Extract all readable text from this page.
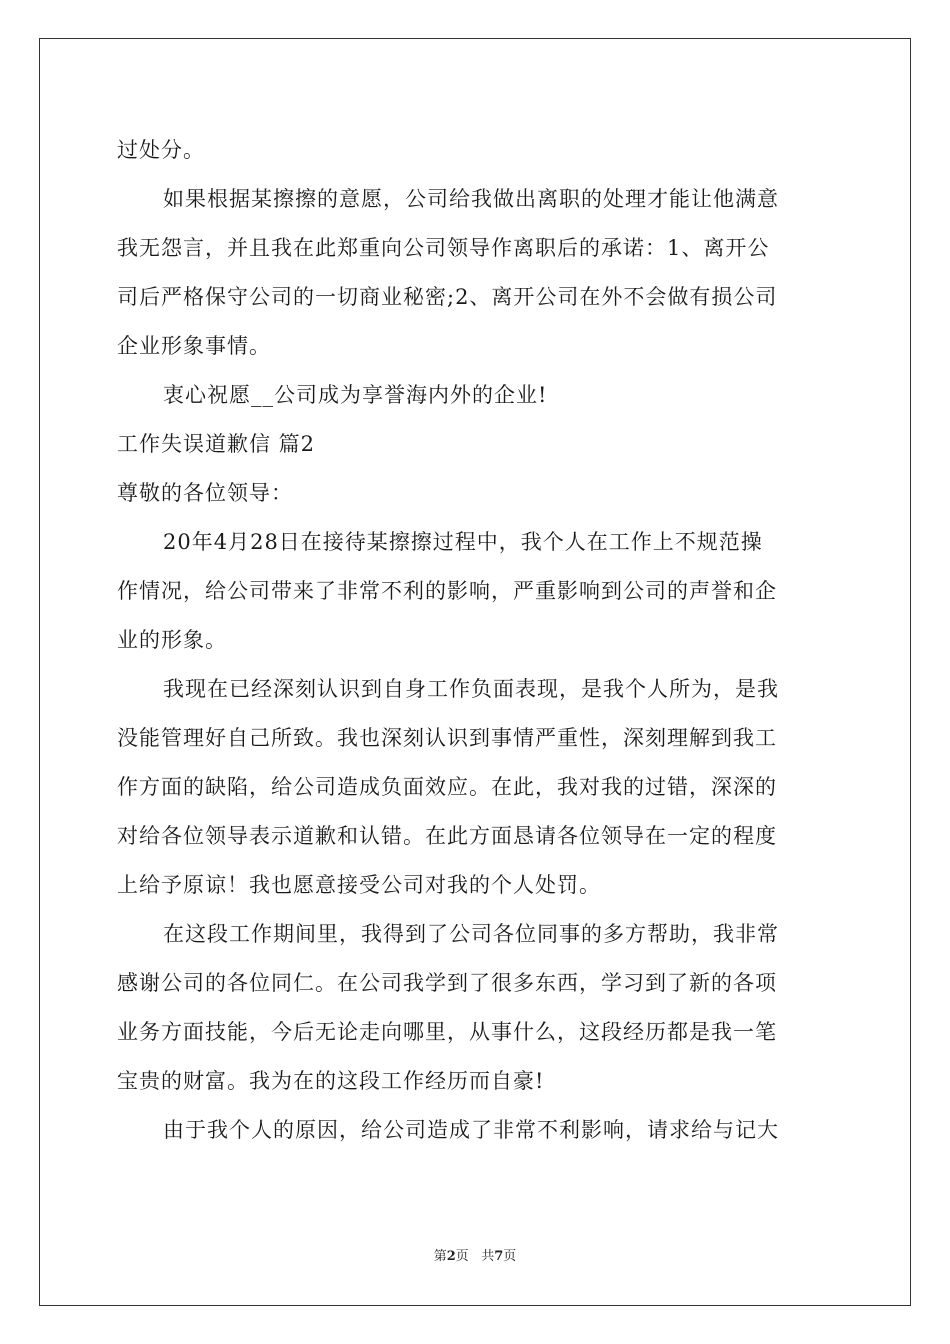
过处分。
如果根据某擦擦的意愿，公司给我做出离职的处理才能让他满意
我无怨言，并且我在此郑重向公司领导作离职后的承诺：1、离开公
司后严格保守公司的一切商业秘密;2、离开公司在外不会做有损公司
企业形象事情。
衷心祝愿__公司成为享誉海内外的企业!
工作失误道歉信 篇2
尊敬的各位领导：
20年4月28日在接待某擦擦过程中，我个人在工作上不规范操
作情况，给公司带来了非常不利的影响，严重影响到公司的声誉和企
业的形象。
我现在已经深刻认识到自身工作负面表现，是我个人所为，是我
没能管理好自己所致。我也深刻认识到事情严重性，深刻理解到我工
作方面的缺陷，给公司造成负面效应。在此，我对我的过错，深深的
对给各位领导表示道歉和认错。在此方面恳请各位领导在一定的程度
上给予原谅！我也愿意接受公司对我的个人处罚。
在这段工作期间里，我得到了公司各位同事的多方帮助，我非常
感谢公司的各位同仁。在公司我学到了很多东西，学习到了新的各项
业务方面技能，今后无论走向哪里，从事什么，这段经历都是我一笔
宝贵的财富。我为在的这段工作经历而自豪!
由于我个人的原因，给公司造成了非常不利影响，请求给与记大
第2页 共7页
